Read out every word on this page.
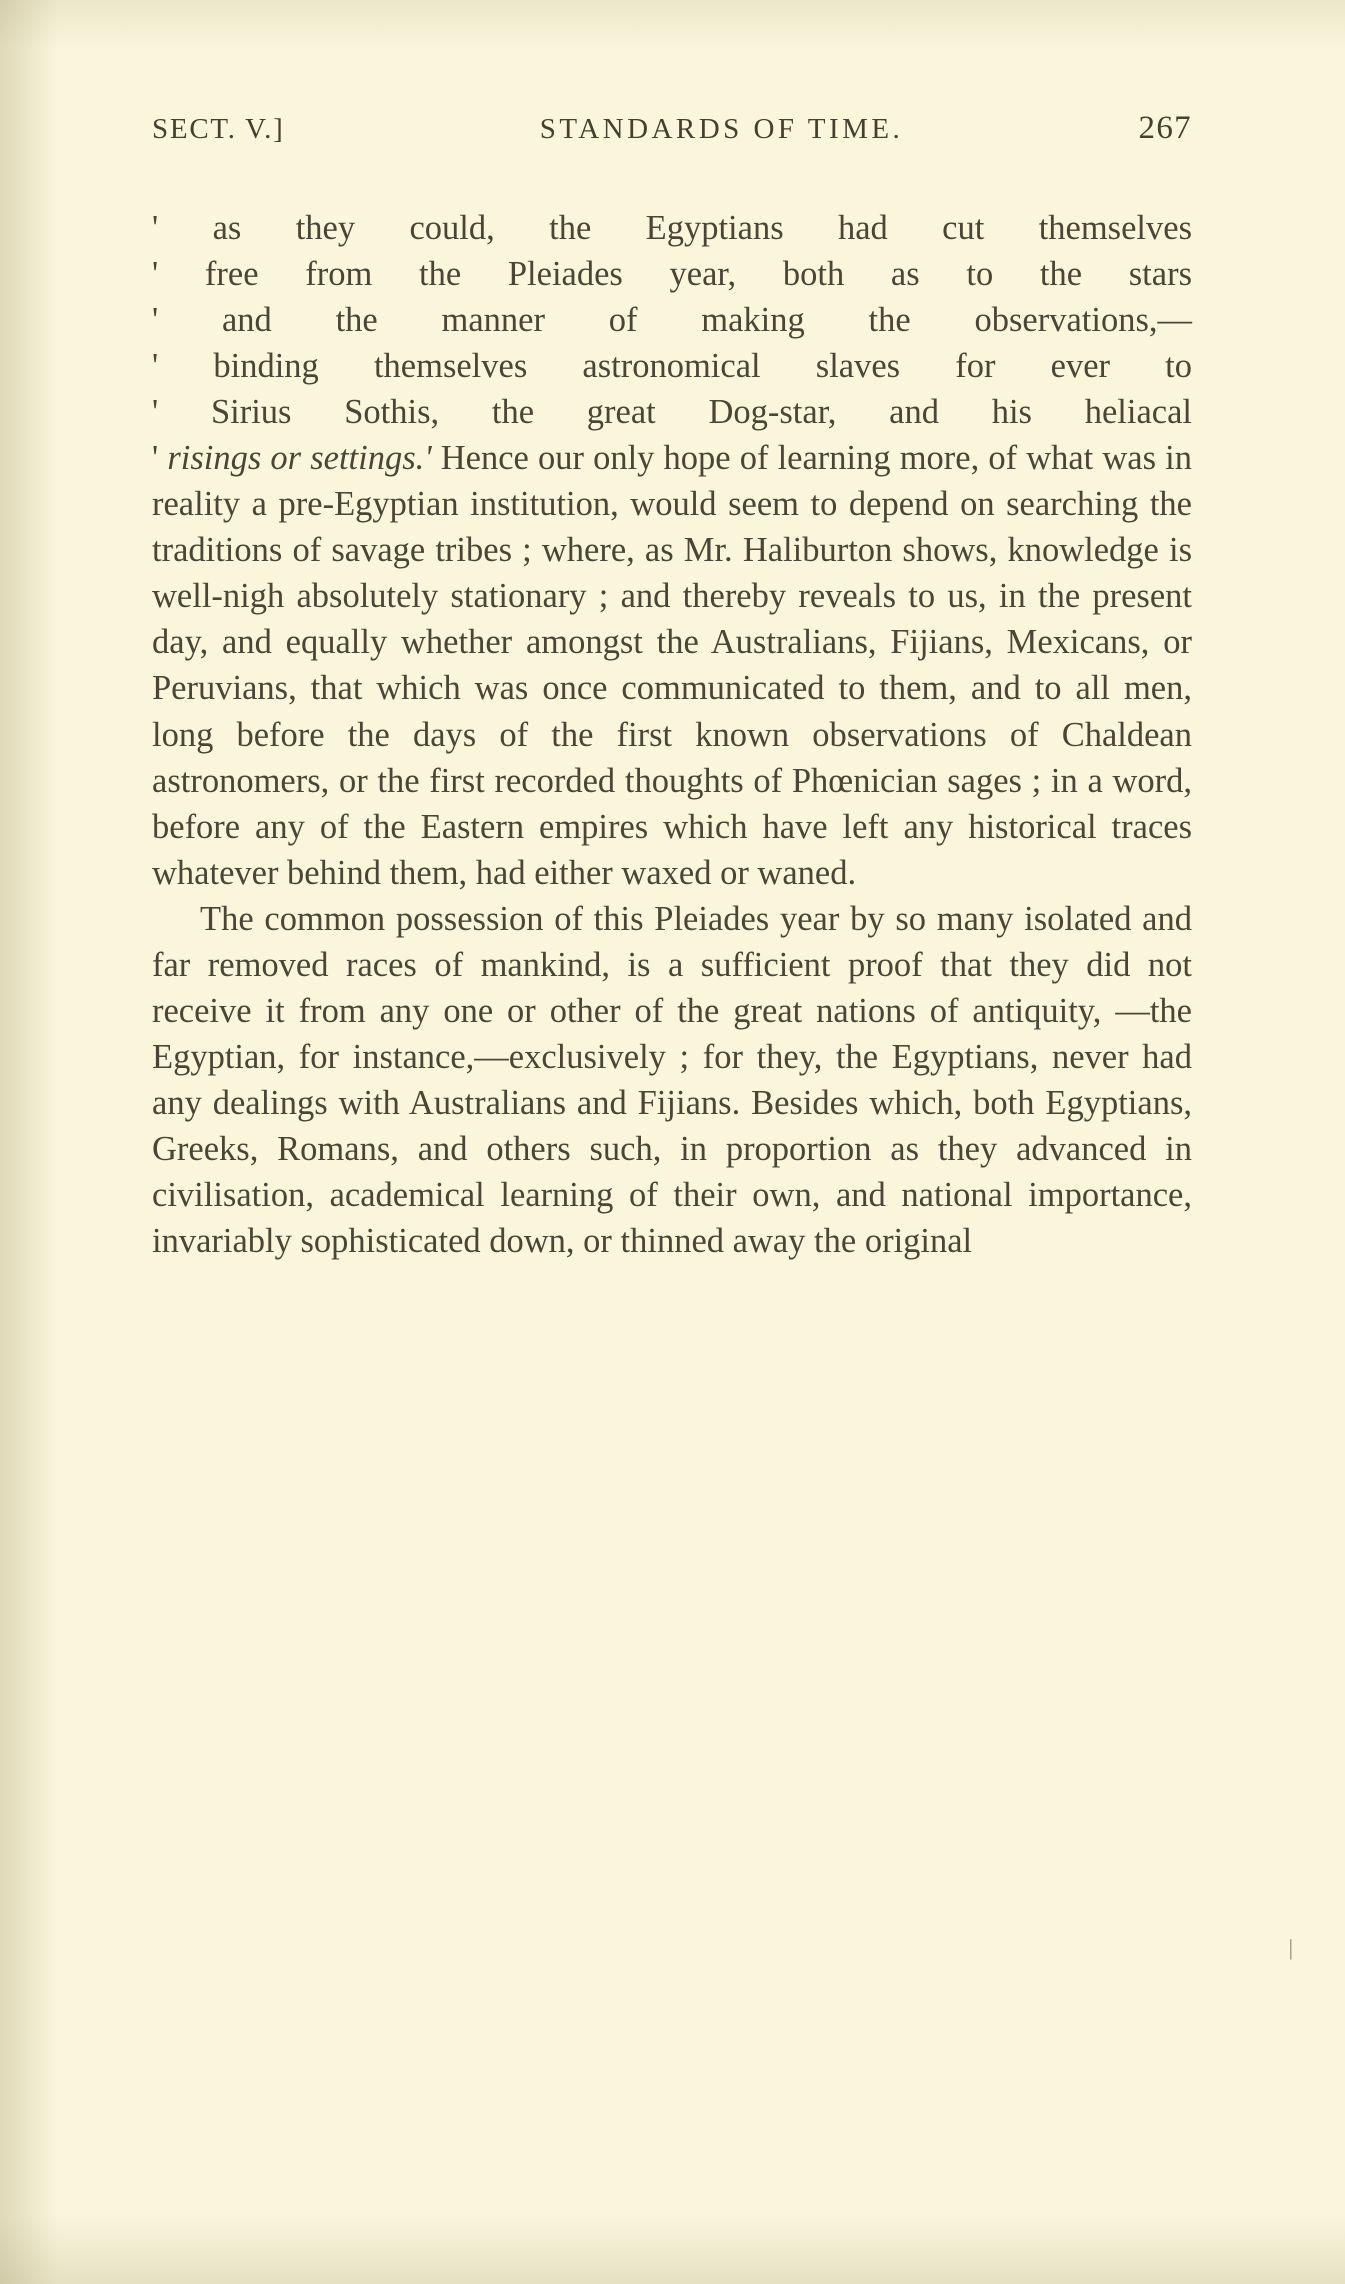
SECT. V.]	STANDARDS OF TIME.	267

' as they could, the Egyptians had cut themselves
' free from the Pleiades year, both as to the stars
' and the manner of making the observations,—
' binding themselves astronomical slaves for ever to
' Sirius Sothis, the great Dog-star, and his heliacal

' risings or settings.' Hence our only hope of learning more, of what was in reality a pre-Egyptian institution, would seem to depend on searching the traditions of savage tribes ; where, as Mr. Haliburton shows, knowledge is well-nigh absolutely stationary ; and thereby reveals to us, in the present day, and equally whether amongst the Australians, Fijians, Mexicans, or Peruvians, that which was once communicated to them, and to all men, long before the days of the first known observations of Chaldean astronomers, or the first recorded thoughts of Phœnician sages ; in a word, before any of the Eastern empires which have left any historical traces whatever behind them, had either waxed or waned.

The common possession of this Pleiades year by so many isolated and far removed races of mankind, is a sufficient proof that they did not receive it from any one or other of the great nations of antiquity, —the Egyptian, for instance,—exclusively ; for they, the Egyptians, never had any dealings with Australians and Fijians. Besides which, both Egyptians, Greeks, Romans, and others such, in proportion as they advanced in civilisation, academical learning of their own, and national importance, invariably sophisticated down, or thinned away the original

|
